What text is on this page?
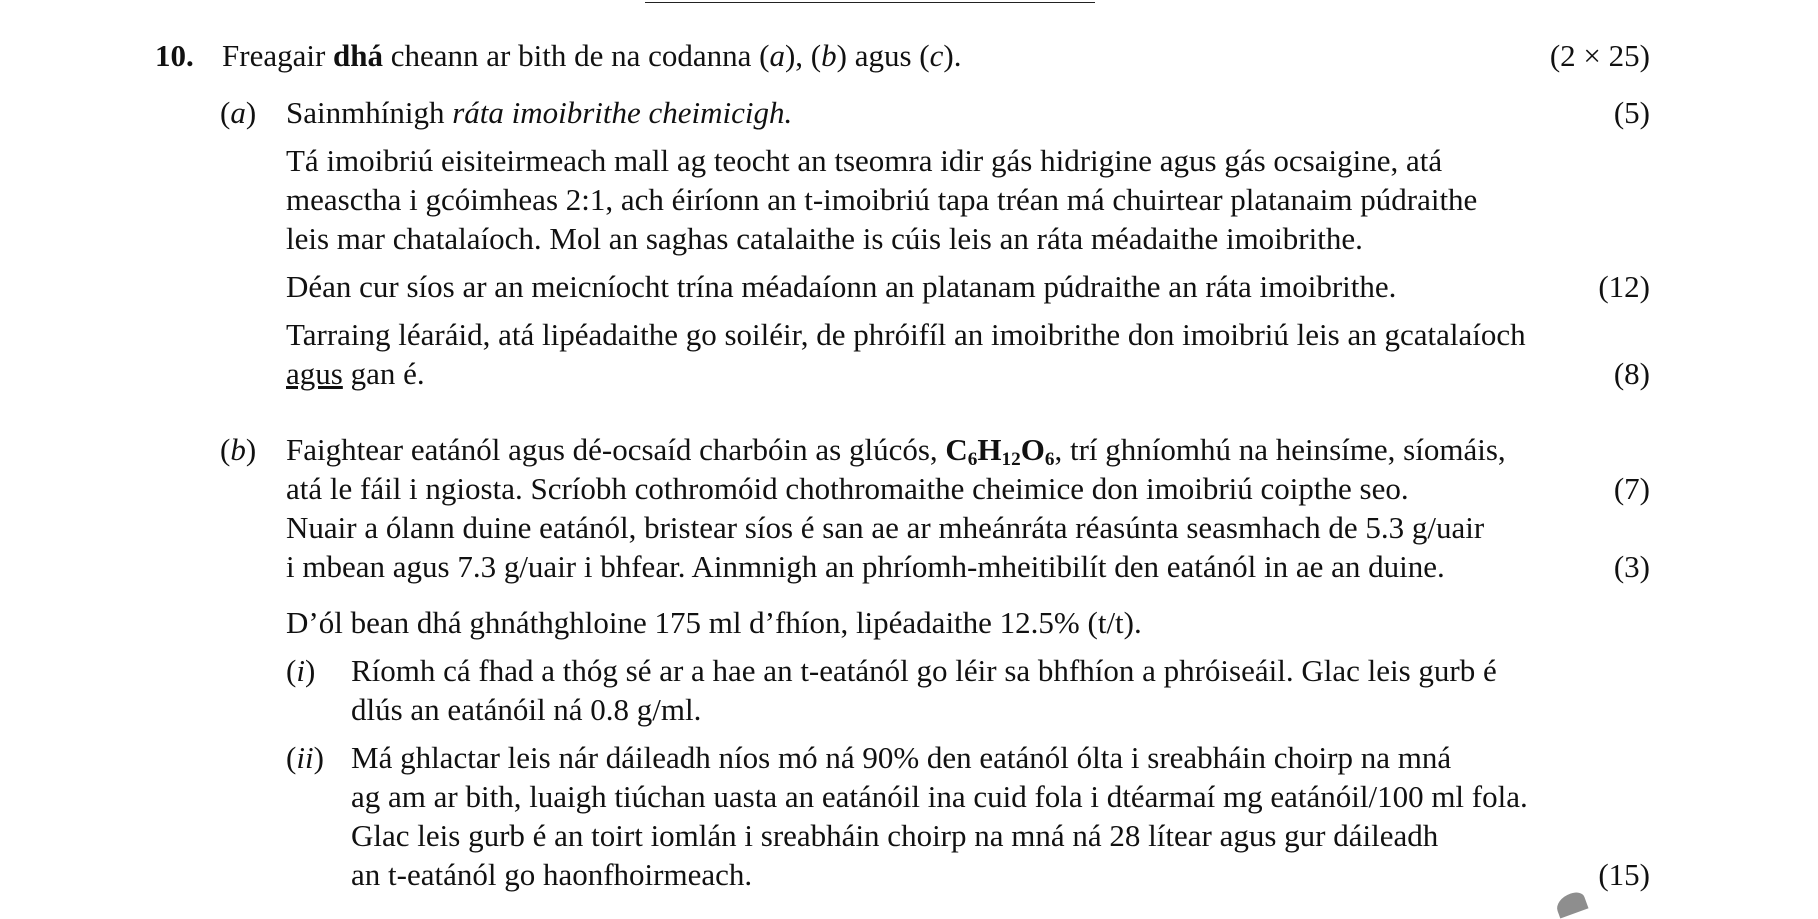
10. Freagair dhá cheann ar bith de na codanna (a), (b) agus (c).	(2 × 25)
(a) Sainmhínigh ráta imoibrithe cheimicigh.	(5)
Tá imoibriú eisiteirmeach mall ag teocht an tseomra idir gás hidrigine agus gás ocsaigine, atá
measctha i gcóimheas 2:1, ach éiríonn an t-imoibriú tapa tréan má chuirtear platanaim púdraithe
leis mar chatalaíoch. Mol an saghas catalaithe is cúis leis an ráta méadaithe imoibrithe.
Déan cur síos ar an meicníocht trína méadaíonn an platanam púdraithe an ráta imoibrithe.	(12)
Tarraing léaráid, atá lipéadaithe go soiléir, de phróifíl an imoibrithe don imoibriú leis an gcatalaíoch
agus gan é.	(8)
(b) Faightear eatánól agus dé-ocsaíd charbóin as glúcós, $C_6H_{12}O_6$, trí ghníomhú na heinsíme, síomáis,
atá le fáil i ngiosta. Scríobh cothromóid chothromaithe cheimice don imoibriú coipthe seo.	(7)
Nuair a ólann duine eatánól, bristear síos é san ae ar mheánráta réasúnta seasmhach de 5.3 g/uair
i mbean agus 7.3 g/uair i bhfear. Ainmnigh an phríomh-mheitibilít den eatánól in ae an duine.	(3)
D’ól bean dhá ghnáthghloine 175 ml d’fhíon, lipéadaithe 12.5% (t/t).
(i) Ríomh cá fhad a thóg sé ar a hae an t-eatánól go léir sa bhfhíon a phróiseáil. Glac leis gurb é
dlús an eatánóil ná 0.8 g/ml.
(ii) Má ghlactar leis nár dáileadh níos mó ná 90% den eatánól ólta i sreabháin choirp na mná
ag am ar bith, luaigh tiúchan uasta an eatánóil ina cuid fola i dtéarmaí mg eatánóil/100 ml fola.
Glac leis gurb é an toirt iomlán i sreabháin choirp na mná ná 28 lítear agus gur dáileadh
an t-eatánól go haonfhoirmeach.	(15)
